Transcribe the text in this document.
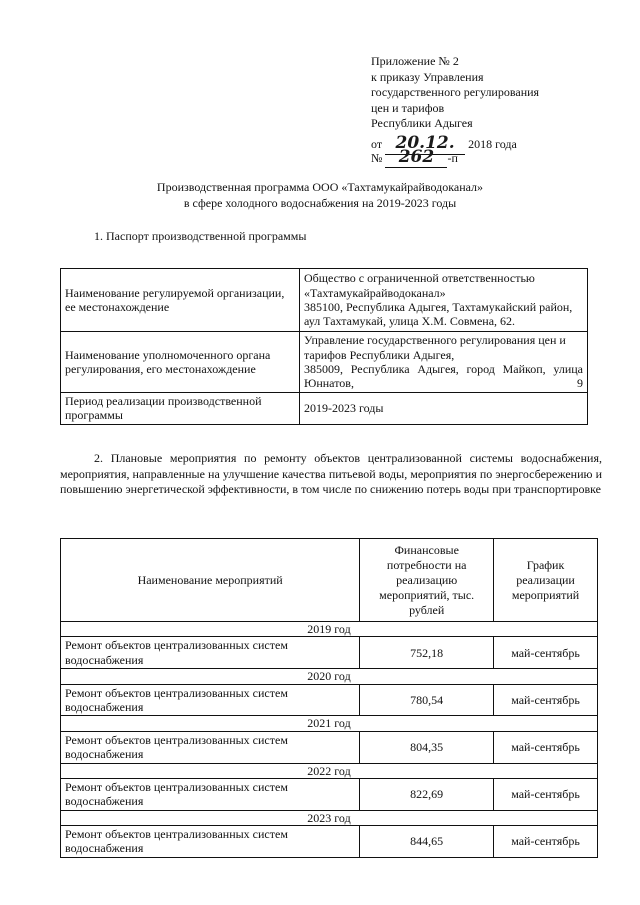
Приложение № 2
к приказу Управления
государственного регулирования
цен и тарифов
Республики Адыгея
от 20.12. 2018 года
№ 262 -п
Производственная программа ООО «Тахтамукайрайводоканал»
в сфере холодного водоснабжения на 2019-2023 годы
1. Паспорт производственной программы
Наименование регулируемой организации, ее местонахождение	Общество с ограниченной ответственностью «Тахтамукайрайводоканал»
385100, Республика Адыгея, Тахтамукайский район, аул Тахтамукай, улица Х.М. Совмена, 62.

Наименование уполномоченного органа регулирования, его местонахождение	Управление государственного регулирования цен и тарифов Республики Адыгея,
385009, Республика Адыгея, город Майкоп, улица Юннатов, 9

Период реализации производственной программы	2019-2023 годы
2. Плановые мероприятия по ремонту объектов централизованной системы водоснабжения, мероприятия, направленные на улучшение качества питьевой воды, мероприятия по энергосбережению и повышению энергетической эффективности, в том числе по снижению потерь воды при транспортировке
Наименование мероприятий	Финансовые потребности на реализацию мероприятий, тыс. рублей	График реализации мероприятий
2019 год		
Ремонт объектов централизованных систем водоснабжения	752,18	май-сентябрь
2020 год		
Ремонт объектов централизованных систем водоснабжения	780,54	май-сентябрь
2021 год		
Ремонт объектов централизованных систем водоснабжения	804,35	май-сентябрь
2022 год		
Ремонт объектов централизованных систем водоснабжения	822,69	май-сентябрь
2023 год		
Ремонт объектов централизованных систем водоснабжения	844,65	май-сентябрь
